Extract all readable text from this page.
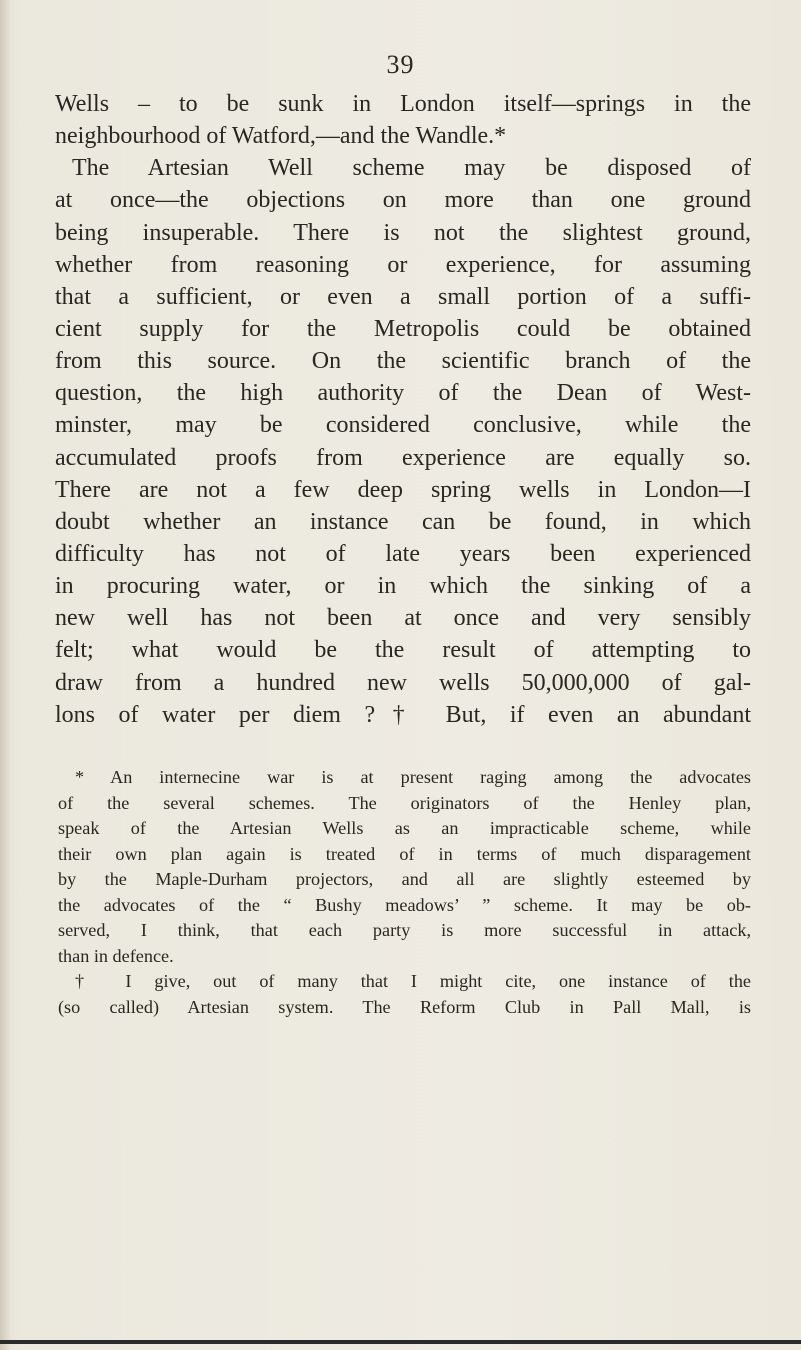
39
Wells – to be sunk in London itself—springs in the
neighbourhood of Watford,—and the Wandle.*
The Artesian Well scheme may be disposed of
at once—the objections on more than one ground
being insuperable. There is not the slightest ground,
whether from reasoning or experience, for assuming
that a sufficient, or even a small portion of a suffi-
cient supply for the Metropolis could be obtained
from this source. On the scientific branch of the
question, the high authority of the Dean of West-
minster, may be considered conclusive, while the
accumulated proofs from experience are equally so.
There are not a few deep spring wells in London—I
doubt whether an instance can be found, in which
difficulty has not of late years been experienced
in procuring water, or in which the sinking of a
new well has not been at once and very sensibly
felt; what would be the result of attempting to
draw from a hundred new wells 50,000,000 of gal-
lons of water per diem ?† But, if even an abundant
* An internecine war is at present raging among the advocates
of the several schemes. The originators of the Henley plan,
speak of the Artesian Wells as an impracticable scheme, while
their own plan again is treated of in terms of much disparagement
by the Maple-Durham projectors, and all are slightly esteemed by
the advocates of the “ Bushy meadows’ ” scheme. It may be ob-
served, I think, that each party is more successful in attack,
than in defence.
† I give, out of many that I might cite, one instance of the
(so called) Artesian system. The Reform Club in Pall Mall, is
